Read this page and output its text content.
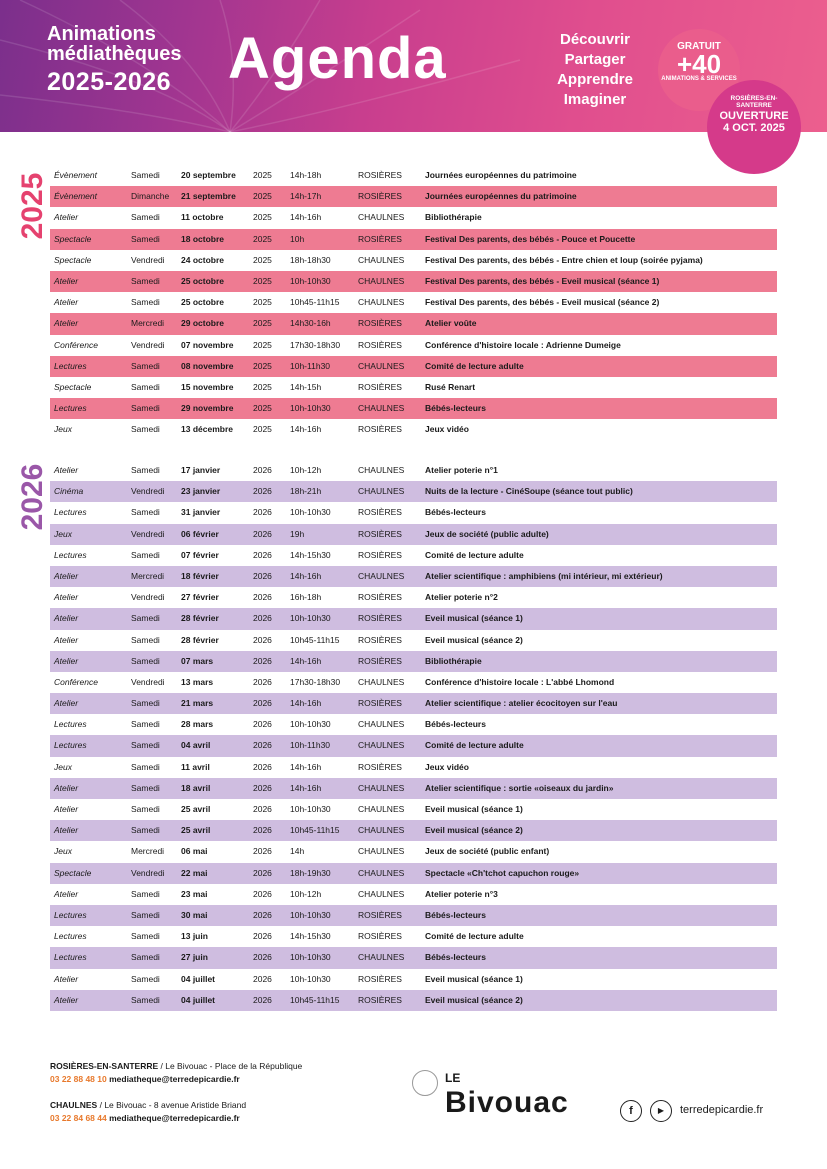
Animations
médiathèques
2025-2026 Agenda	Découvrir
Partager
Apprendre
Imaginer
GRATUIT
+40
ANIMATIONS & SERVICES
ROSIÈRES-EN-SANTERRE
OUVERTURE
4 OCT. 2025
2025
2026
Évènement	Samedi 20 septembre 2025 14h-18h	ROSIÈRES	Journées européennes du patrimoine
Évènement	Dimanche 21 septembre 2025 14h-17h	ROSIÈRES	Journées européennes du patrimoine
Atelier	Samedi 11 octobre	2025 14h-16h	CHAULNES Bibliothérapie
Spectacle	Samedi 18 octobre	2025 10h	ROSIÈRES	Festival Des parents, des bébés - Pouce et Poucette
Spectacle	Vendredi 24 octobre	2025 18h-18h30	CHAULNES Festival Des parents, des bébés - Entre chien et loup (soirée pyjama)
Atelier	Samedi 25 octobre	2025 10h-10h30	CHAULNES Festival Des parents, des bébés - Eveil musical (séance 1)
Atelier	Samedi 25 octobre	2025 10h45-11h15 CHAULNES Festival Des parents, des bébés - Eveil musical (séance 2)
Atelier	Mercredi 29 octobre	2025 14h30-16h	ROSIÈRES	Atelier voûte
Conférence	Vendredi 07 novembre 2025 17h30-18h30 ROSIÈRES	Conférence d'histoire locale : Adrienne Dumeige
Lectures	Samedi 08 novembre 2025 10h-11h30	CHAULNES Comité de lecture adulte
Spectacle	Samedi 15 novembre 2025 14h-15h	ROSIÈRES	Rusé Renart
Lectures	Samedi 29 novembre 2025 10h-10h30	CHAULNES Bébés-lecteurs
Jeux	Samedi 13 décembre 2025 14h-16h	ROSIÈRES	Jeux vidéo
Atelier	Samedi 17 janvier	2026 10h-12h	CHAULNES Atelier poterie n°1
Cinéma	Vendredi 23 janvier	2026 18h-21h	CHAULNES Nuits de la lecture - CinéSoupe (séance tout public)
Lectures	Samedi 31 janvier	2026 10h-10h30	ROSIÈRES	Bébés-lecteurs
Jeux	Vendredi 06 février	2026 19h	ROSIÈRES	Jeux de société (public adulte)
Lectures	Samedi 07 février	2026 14h-15h30	ROSIÈRES	Comité de lecture adulte
Atelier	Mercredi 18 février	2026 14h-16h	CHAULNES Atelier scientifique : amphibiens (mi intérieur, mi extérieur)
Atelier	Vendredi 27 février	2026 16h-18h	ROSIÈRES	Atelier poterie n°2
Atelier	Samedi 28 février	2026 10h-10h30	ROSIÈRES	Eveil musical (séance 1)
Atelier	Samedi 28 février	2026 10h45-11h15 ROSIÈRES	Eveil musical (séance 2)
Atelier	Samedi 07 mars	2026 14h-16h	ROSIÈRES	Bibliothérapie
Conférence	Vendredi 13 mars	2026 17h30-18h30 CHAULNES Conférence d'histoire locale : L'abbé Lhomond
Atelier	Samedi 21 mars	2026 14h-16h	ROSIÈRES	Atelier scientifique : atelier écocitoyen sur l'eau
Lectures	Samedi 28 mars	2026 10h-10h30	CHAULNES Bébés-lecteurs
Lectures	Samedi 04 avril	2026 10h-11h30	CHAULNES Comité de lecture adulte
Jeux	Samedi 11 avril	2026 14h-16h	ROSIÈRES	Jeux vidéo
Atelier	Samedi 18 avril	2026 14h-16h	CHAULNES Atelier scientifique : sortie «oiseaux du jardin»
Atelier	Samedi 25 avril	2026 10h-10h30	CHAULNES Eveil musical (séance 1)
Atelier	Samedi 25 avril	2026 10h45-11h15 CHAULNES Eveil musical (séance 2)
Jeux	Mercredi 06 mai	2026 14h	CHAULNES Jeux de société (public enfant)
Spectacle	Vendredi 22 mai	2026 18h-19h30	CHAULNES Spectacle «Ch'tchot capuchon rouge»
Atelier	Samedi 23 mai	2026 10h-12h	CHAULNES Atelier poterie n°3
Lectures	Samedi 30 mai	2026 10h-10h30	ROSIÈRES	Bébés-lecteurs
Lectures	Samedi 13 juin	2026 14h-15h30	ROSIÈRES	Comité de lecture adulte
Lectures	Samedi 27 juin	2026 10h-10h30	CHAULNES Bébés-lecteurs
Atelier	Samedi 04 juillet	2026 10h-10h30	ROSIÈRES	Eveil musical (séance 1)
Atelier	Samedi 04 juillet	2026 10h45-11h15 ROSIÈRES	Eveil musical (séance 2)
ROSIÈRES-EN-SANTERRE / Le Bivouac - Place de la République
03 22 88 48 10 mediatheque@terredepicardie.fr
CHAULNES / Le Bivouac - 8 avenue Aristide Briand
03 22 84 68 44 mediatheque@terredepicardie.fr
LE
Bivouac	f	▶	terredepicardie.fr
